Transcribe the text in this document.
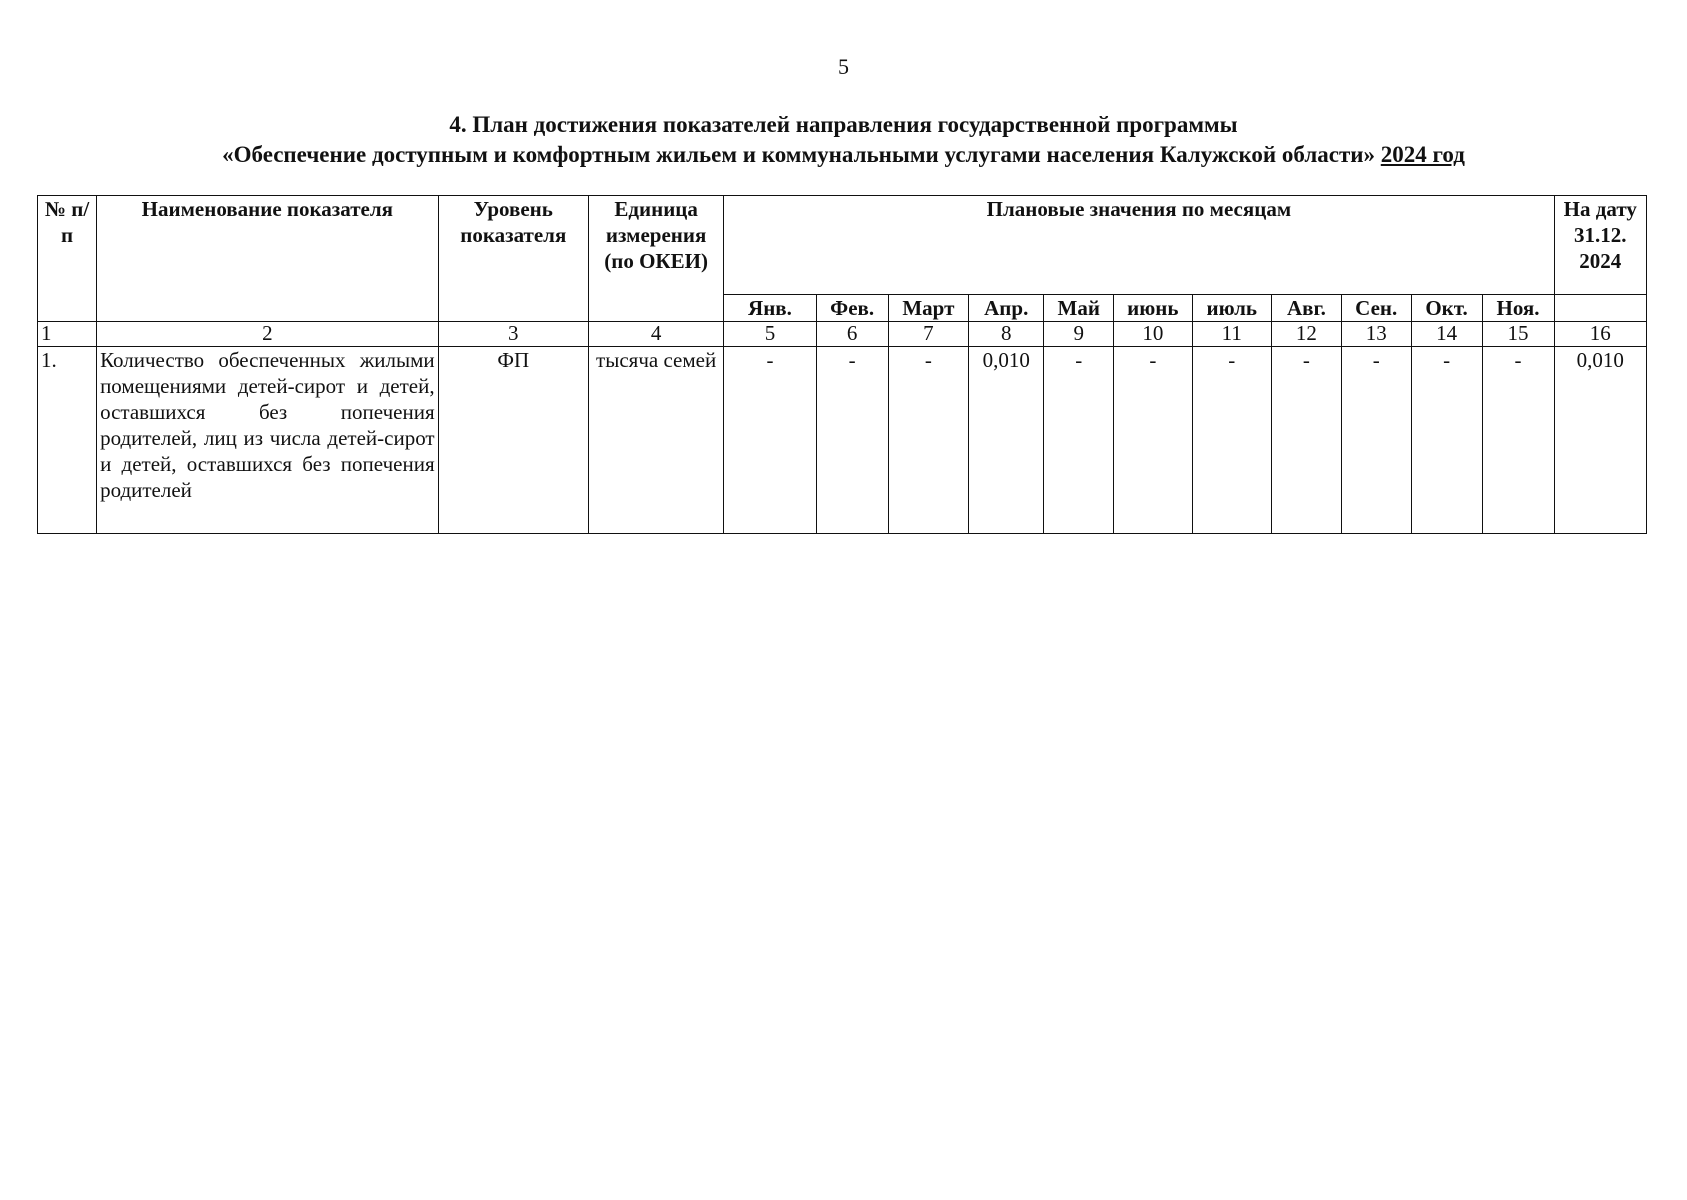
5
4. План достижения показателей направления государственной программы
«Обеспечение доступным и комфортным жильем и коммунальными услугами населения Калужской области» 2024 год
№ п/п	Наименование показателя	Уровень показателя	Единица измерения (по ОКЕИ)	Плановые значения по месяцам											На дату 31.12. 2024
				Янв.	Фев.	Март	Апр.	Май	июнь	июль	Авг.	Сен.	Окт.	Ноя.	
1	2	3	4	5	6	7	8	9	10	11	12	13	14	15	16
1.	Количество обеспеченных жилыми помещениями детей-сирот и детей, оставшихся без попечения родителей, лиц из числа детей-сирот и детей, оставшихся без попечения родителей	ФП	тысяча семей	-	-	-	0,010	-	-	-	-	-	-	-	0,010
